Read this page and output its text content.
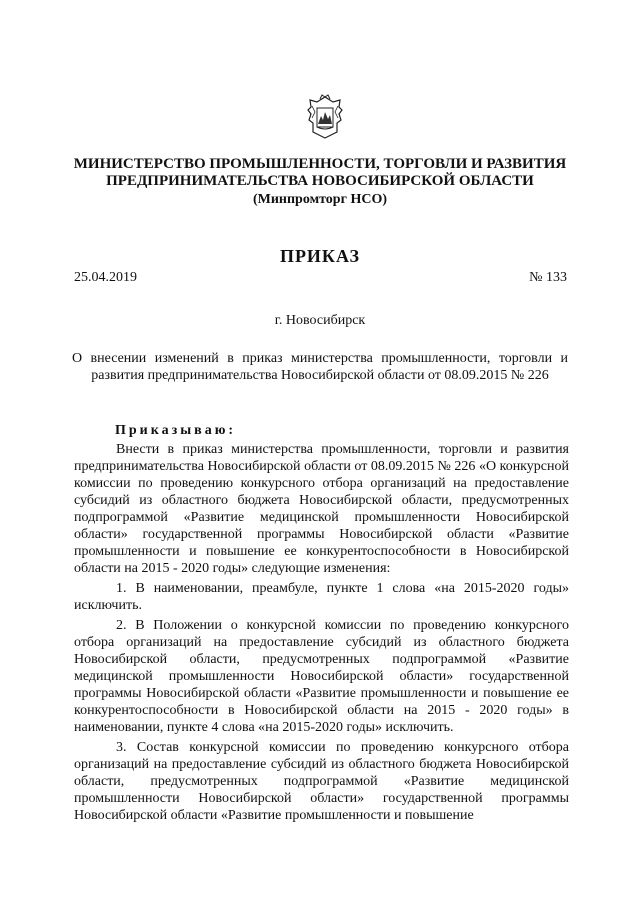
МИНИСТЕРСТВО ПРОМЫШЛЕННОСТИ, ТОРГОВЛИ И РАЗВИТИЯ
ПРЕДПРИНИМАТЕЛЬСТВА НОВОСИБИРСКОЙ ОБЛАСТИ
(Минпромторг НСО)
ПРИКАЗ
25.04.2019	№ 133
г. Новосибирск
О внесении изменений в приказ министерства промышленности, торговли и развития предпринимательства Новосибирской области от 08.09.2015 № 226
Приказываю:

Внести в приказ министерства промышленности, торговли и развития предпринимательства Новосибирской области от 08.09.2015 № 226 «О конкурсной комиссии по проведению конкурсного отбора организаций на предоставление субсидий из областного бюджета Новосибирской области, предусмотренных подпрограммой «Развитие медицинской промышленности Новосибирской области» государственной программы Новосибирской области «Развитие промышленности и повышение ее конкурентоспособности в Новосибирской области на 2015 - 2020 годы» следующие изменения:

1. В наименовании, преамбуле, пункте 1 слова «на 2015-2020 годы» исключить.

2. В Положении о конкурсной комиссии по проведению конкурсного отбора организаций на предоставление субсидий из областного бюджета Новосибирской области, предусмотренных подпрограммой «Развитие медицинской промышленности Новосибирской области» государственной программы Новосибирской области «Развитие промышленности и повышение ее конкурентоспособности в Новосибирской области на 2015 - 2020 годы» в наименовании, пункте 4 слова «на 2015-2020 годы» исключить.

3. Состав конкурсной комиссии по проведению конкурсного отбора организаций на предоставление субсидий из областного бюджета Новосибирской области, предусмотренных подпрограммой «Развитие медицинской промышленности Новосибирской области» государственной программы Новосибирской области «Развитие промышленности и повышение
